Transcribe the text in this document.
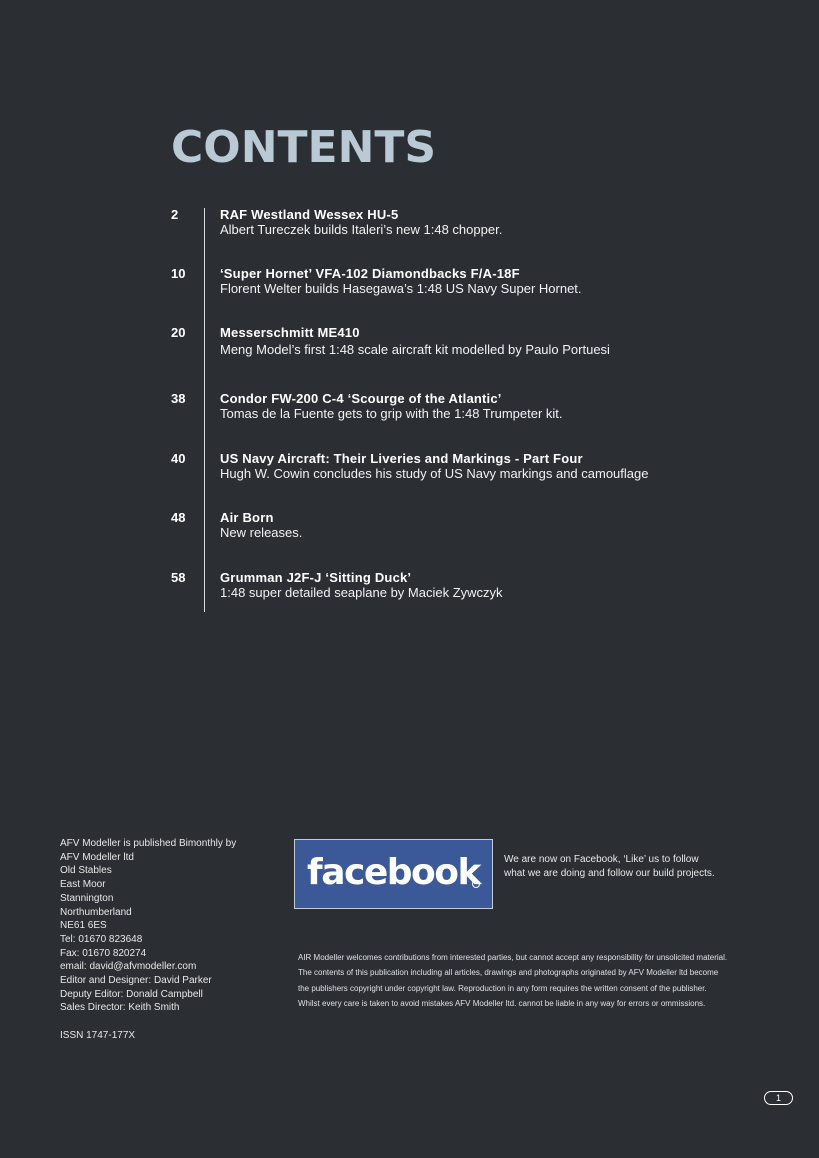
CONTENTS
2	RAF Westland Wessex HU-5
Albert Tureczek builds Italeri’s new 1:48 chopper.
10	‘Super Hornet’ VFA-102 Diamondbacks F/A-18F
Florent Welter builds Hasegawa’s 1:48 US Navy Super Hornet.
20	Messerschmitt ME410
Meng Model’s first 1:48 scale aircraft kit modelled by Paulo Portuesi
38	Condor FW-200 C-4 ‘Scourge of the Atlantic’
Tomas de la Fuente gets to grip with the 1:48 Trumpeter kit.
40	US Navy Aircraft: Their Liveries and Markings - Part Four
Hugh W. Cowin concludes his study of US Navy markings and camouflage
48	Air Born
New releases.
58	Grumman J2F-J ‘Sitting Duck’
1:48 super detailed seaplane by Maciek Zywczyk
AFV Modeller is published Bimonthly by
AFV Modeller ltd
Old Stables
East Moor
Stannington
Northumberland
NE61 6ES
Tel: 01670 823648
Fax: 01670 820274
email: david@afvmodeller.com
Editor and Designer: David Parker
Deputy Editor: Donald Campbell
Sales Director: Keith Smith
ISSN 1747-177X
facebook We are now on Facebook, ‘Like’ us to follow what we are doing and follow our build projects.

AIR Modeller welcomes contributions from interested parties, but cannot accept any responsibility for unsolicited material.

The contents of this publication including all articles, drawings and photographs originated by AFV Modeller ltd become the publishers copyright under copyright law. Reproduction in any form requires the written consent of the publisher. Whilst every care is taken to avoid mistakes AFV Modeller ltd. cannot be liable in any way for errors or ommissions.

1
